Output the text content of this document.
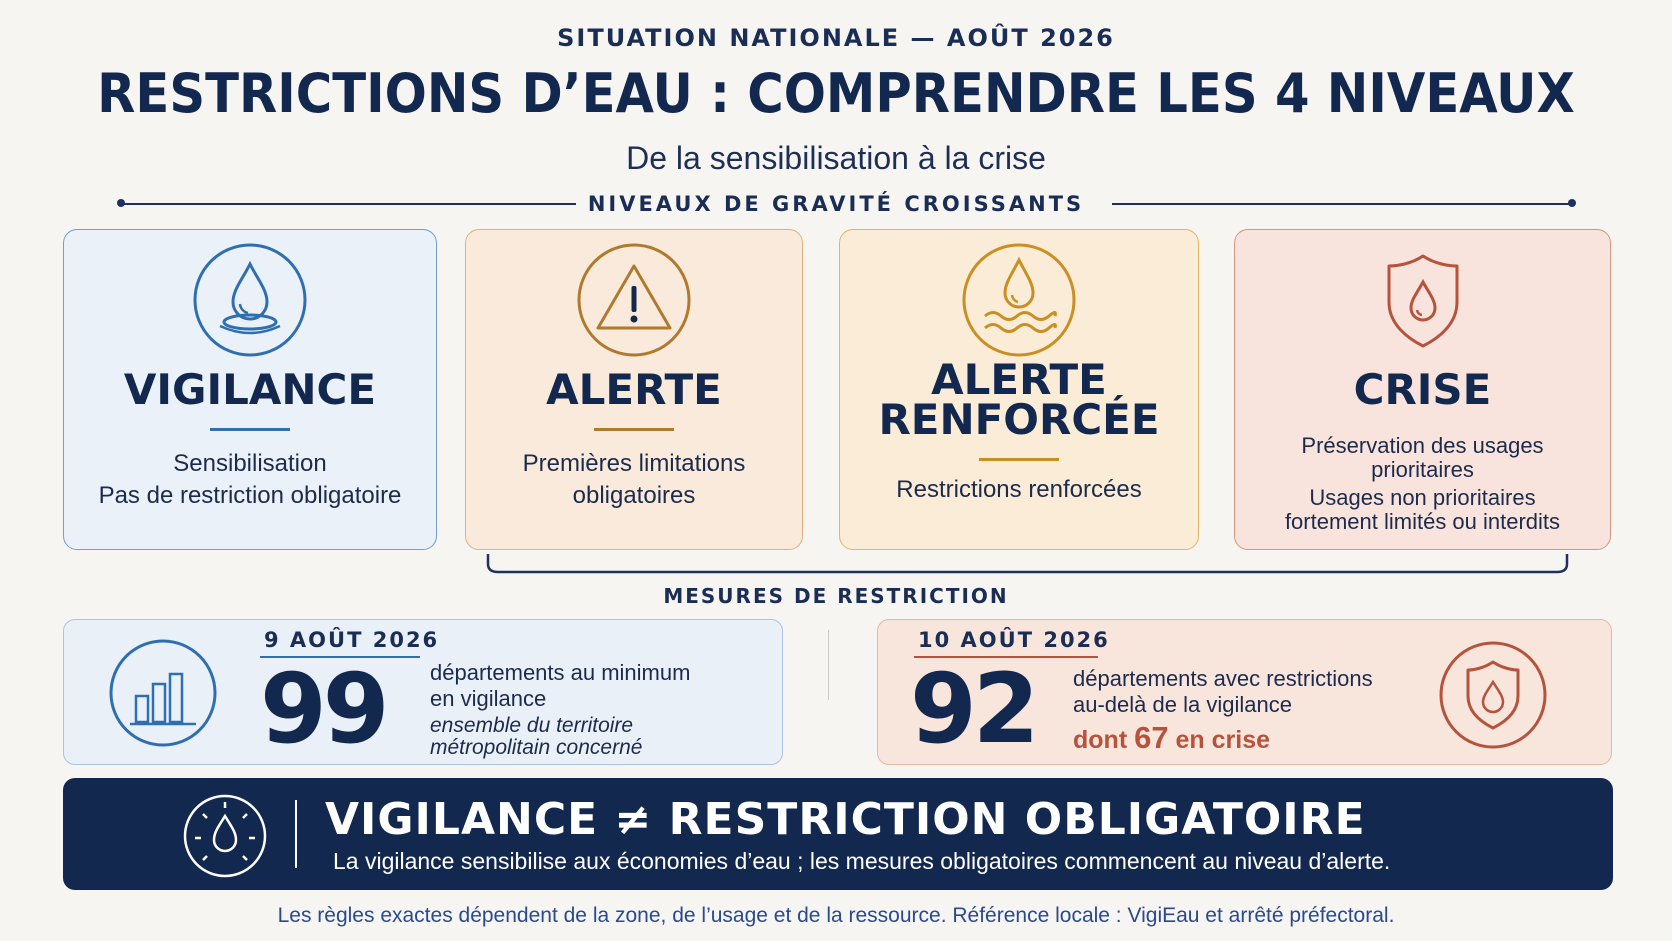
SITUATION NATIONALE — AOÛT 2026
RESTRICTIONS D’EAU : COMPRENDRE LES 4 NIVEAUX
De la sensibilisation à la crise
NIVEAUX DE GRAVITÉ CROISSANTS
VIGILANCE
Sensibilisation
Pas de restriction obligatoire
ALERTE
Premières limitations
obligatoires
ALERTE
RENFORCÉE
Restrictions renforcées
CRISE
Préservation des usages
prioritaires
Usages non prioritaires
fortement limités ou interdits
MESURES DE RESTRICTION
9 AOÛT 2026
99 départements au minimum
en vigilance
ensemble du territoire
métropolitain concerné
10 AOÛT 2026
92 départements avec restrictions
au-delà de la vigilance
dont 67 en crise
VIGILANCE ≠ RESTRICTION OBLIGATOIRE
La vigilance sensibilise aux économies d’eau ; les mesures obligatoires commencent au niveau d’alerte.
Les règles exactes dépendent de la zone, de l’usage et de la ressource. Référence locale : VigiEau et arrêté préfectoral.
